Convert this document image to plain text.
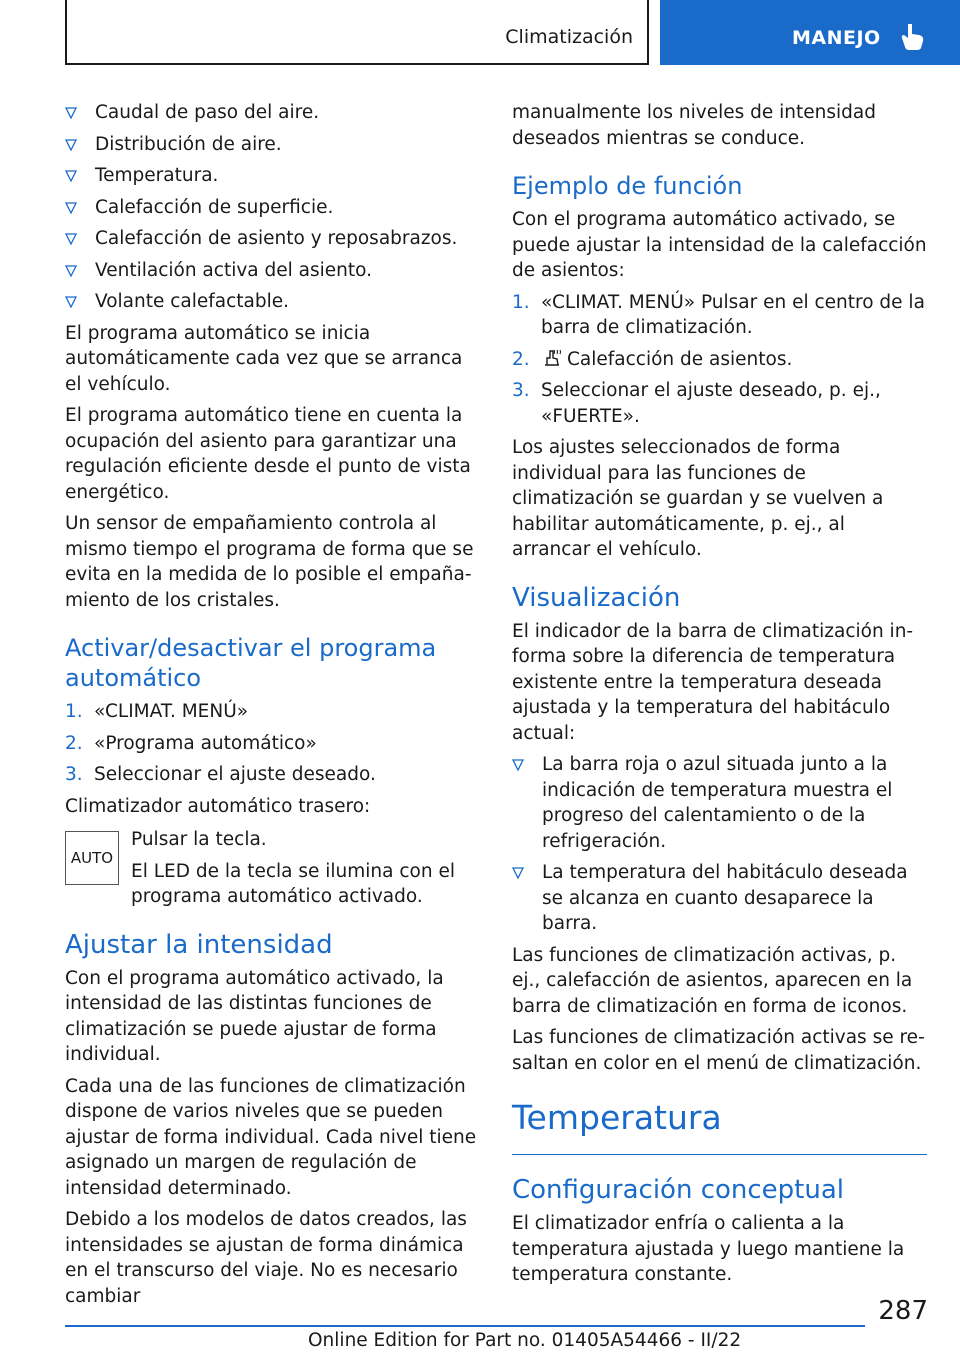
Climatización	MANEJO
Caudal de paso del aire.
Distribución de aire.
Temperatura.
Calefacción de superficie.
Calefacción de asiento y reposabrazos.
Ventilación activa del asiento.
Volante calefactable.

El programa automático se inicia automáticamente cada vez que se arranca el vehículo.

El programa automático tiene en cuenta la ocupación del asiento para garantizar una regulación eficiente desde el punto de vista energético.

Un sensor de empañamiento controla al mismo tiempo el programa de forma que se evita en la medida de lo posible el empañamiento de los cristales.

Activar/desactivar el programa automático
1. «CLIMAT. MENÚ»
2. «Programa automático»
3. Seleccionar el ajuste deseado.

Climatizador automático trasero:

AUTO

Pulsar la tecla.

El LED de la tecla se ilumina con el programa automático activado.

Ajustar la intensidad

Con el programa automático activado, la intensidad de las distintas funciones de climatización se puede ajustar de forma individual.

Cada una de las funciones de climatización dispone de varios niveles que se pueden ajustar de forma individual. Cada nivel tiene asignado un margen de regulación de intensidad determinado.

Debido a los modelos de datos creados, las intensidades se ajustan de forma dinámica en el transcurso del viaje. No es necesario cambiar

manualmente los niveles de intensidad deseados mientras se conduce.

Ejemplo de función

Con el programa automático activado, se puede ajustar la intensidad de la calefacción de asientos:

1. «CLIMAT. MENÚ» Pulsar en el centro de la barra de climatización.
2. Calefacción de asientos.
3. Seleccionar el ajuste deseado, p. ej., «FUERTE».

Los ajustes seleccionados de forma individual para las funciones de climatización se guardan y se vuelven a habilitar automáticamente, p. ej., al arrancar el vehículo.

Visualización

El indicador de la barra de climatización informa sobre la diferencia de temperatura existente entre la temperatura deseada ajustada y la temperatura del habitáculo actual:

La barra roja o azul situada junto a la indicación de temperatura muestra el progreso del calentamiento o de la refrigeración.
La temperatura del habitáculo deseada se alcanza en cuanto desaparece la barra.

Las funciones de climatización activas, p. ej., calefacción de asientos, aparecen en la barra de climatización en forma de iconos.

Las funciones de climatización activas se resaltan en color en el menú de climatización.

Temperatura
Configuración conceptual

El climatizador enfría o calienta a la temperatura ajustada y luego mantiene la temperatura constante.

287
Online Edition for Part no. 01405A54466 - II/22
